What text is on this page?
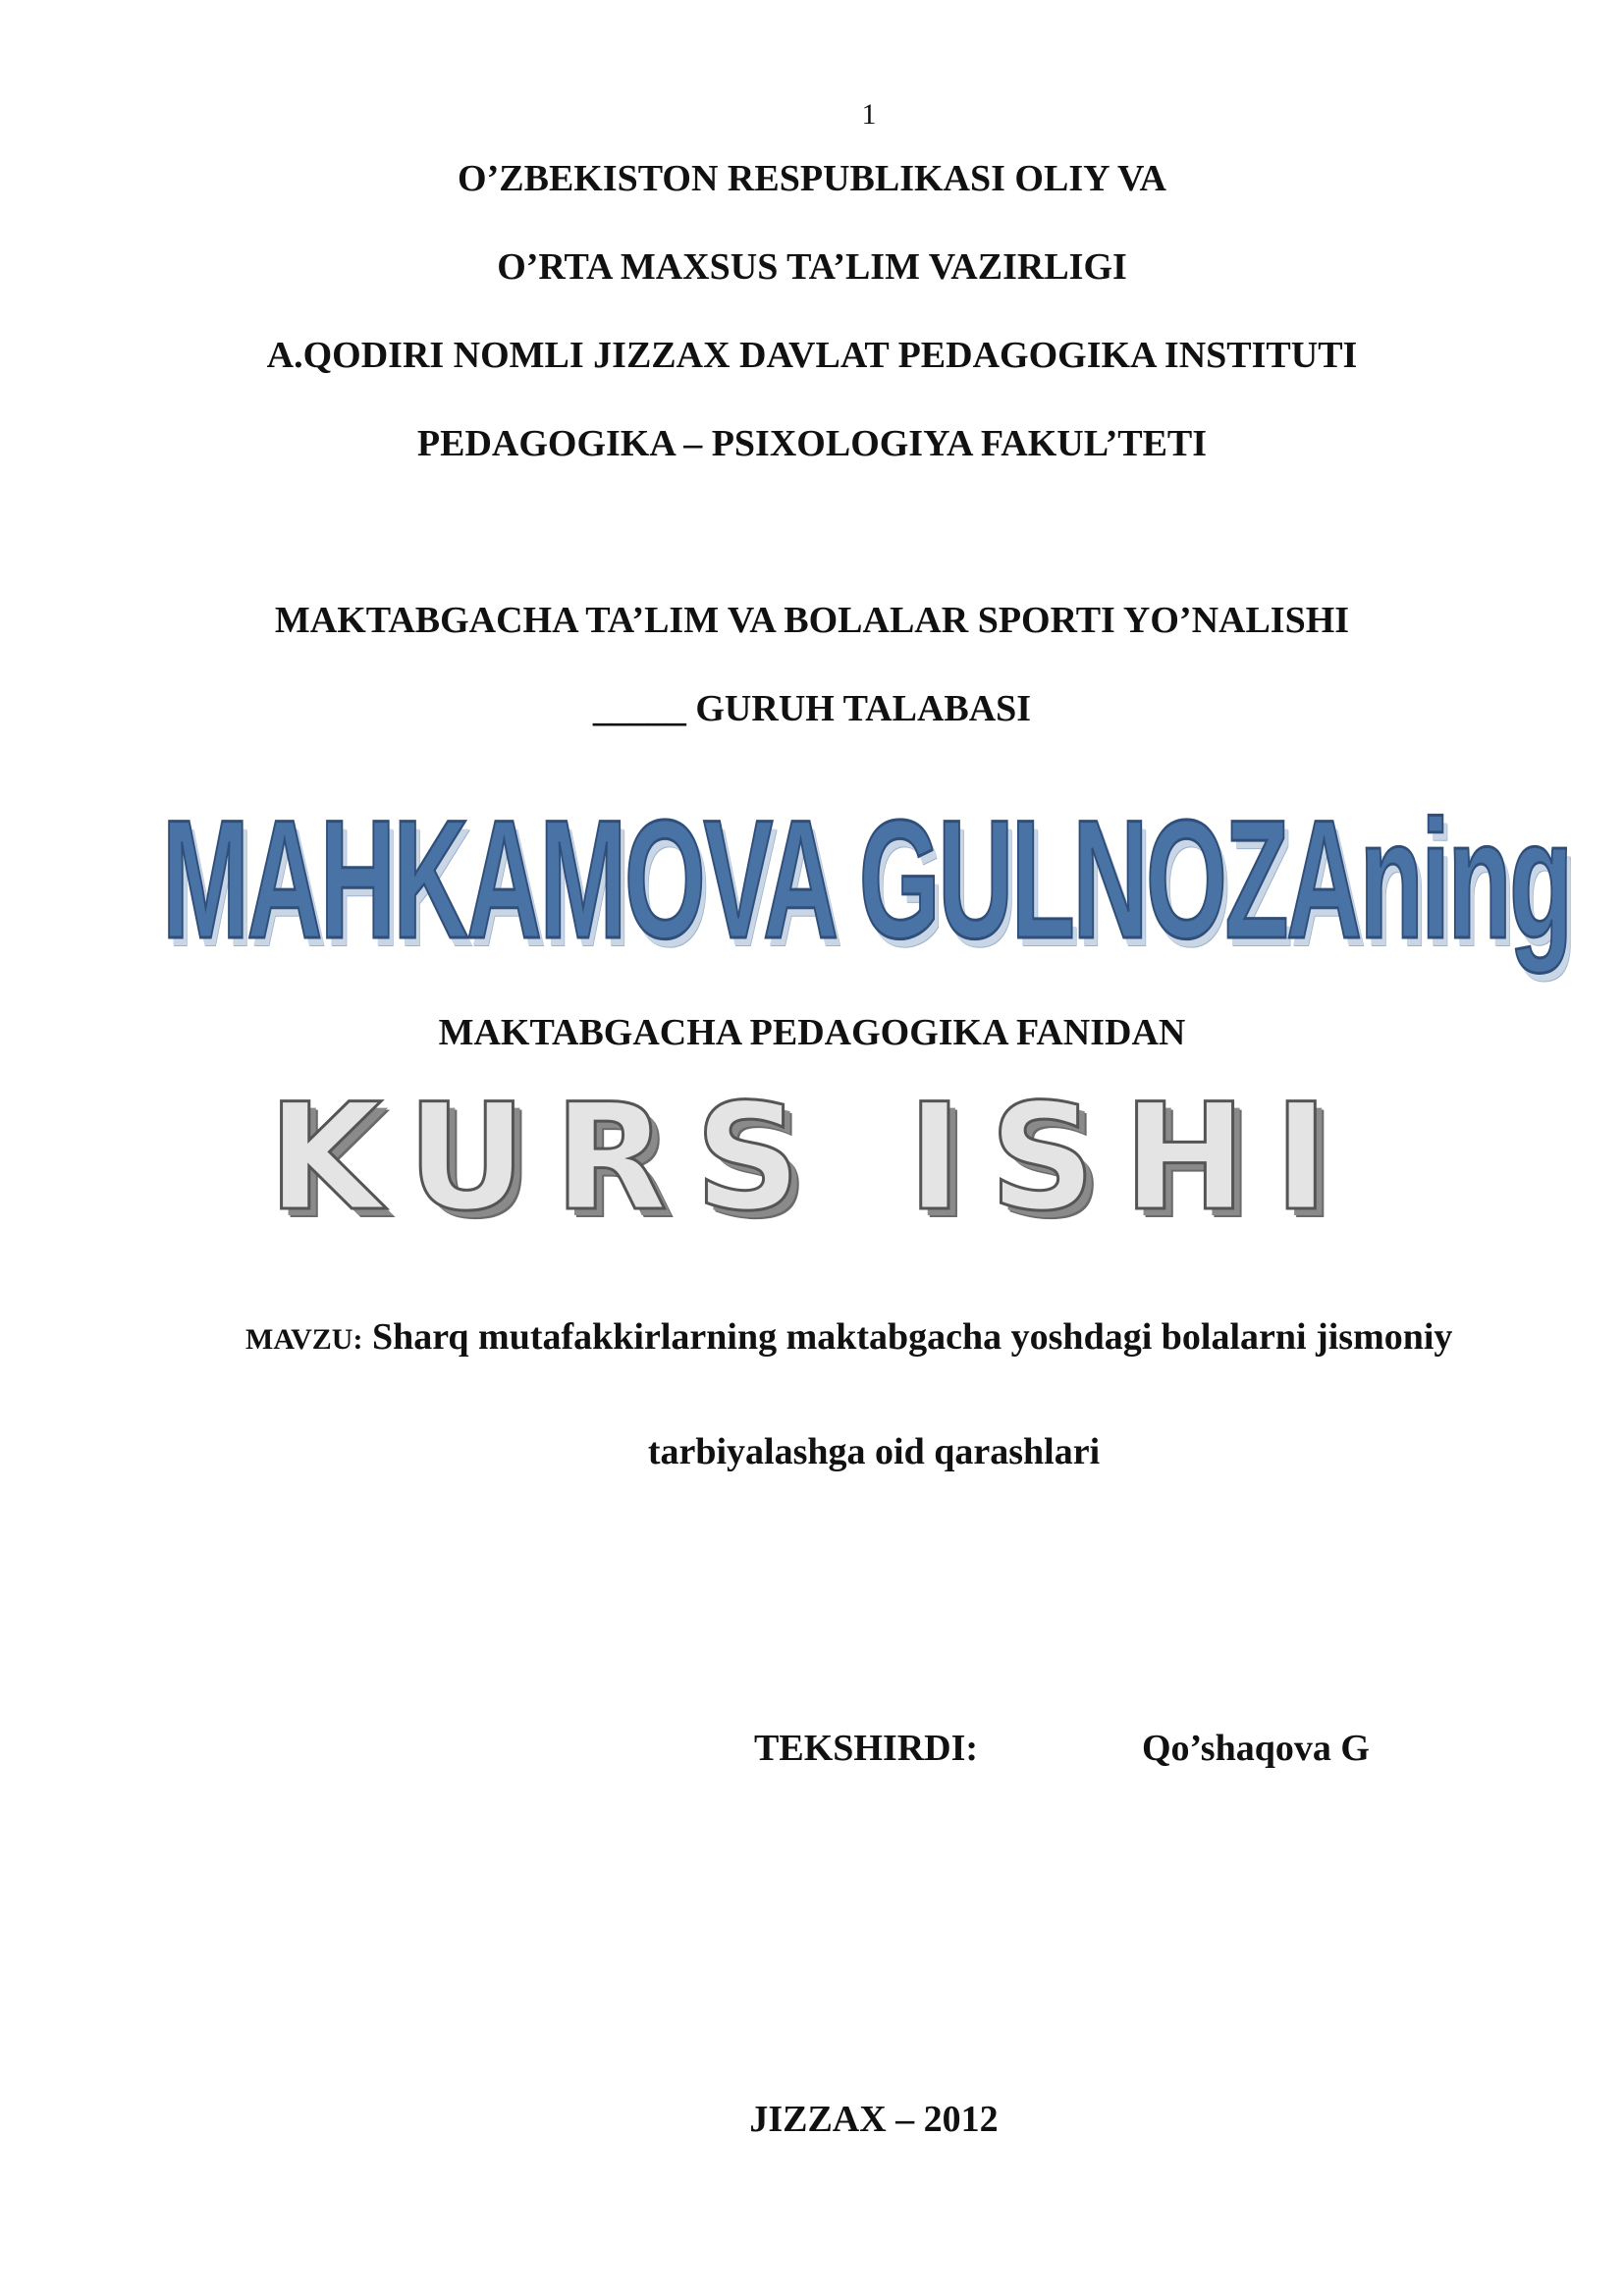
1
O’ZBEKISTON RESPUBLIKASI OLIY VA
O’RTA MAXSUS TA’LIM VAZIRLIGI
A.QODIRI NOMLI JIZZAX DAVLAT PEDAGOGIKA INSTITUTI
PEDAGOGIKA – PSIXOLOGIYA FAKUL’TETI
MAKTABGACHA TA’LIM VA BOLALAR SPORTI YO’NALISHI
_____ GURUH TALABASI
MAHKAMOVA GULNOZAning
MAKTABGACHA PEDAGOGIKA FANIDAN
KURS ISHI
MAVZU: Sharq mutafakkirlarning maktabgacha yoshdagi bolalarni jismoniy
tarbiyalashga oid qarashlari
TEKSHIRDI:	Qo’shaqova G
JIZZAX – 2012
